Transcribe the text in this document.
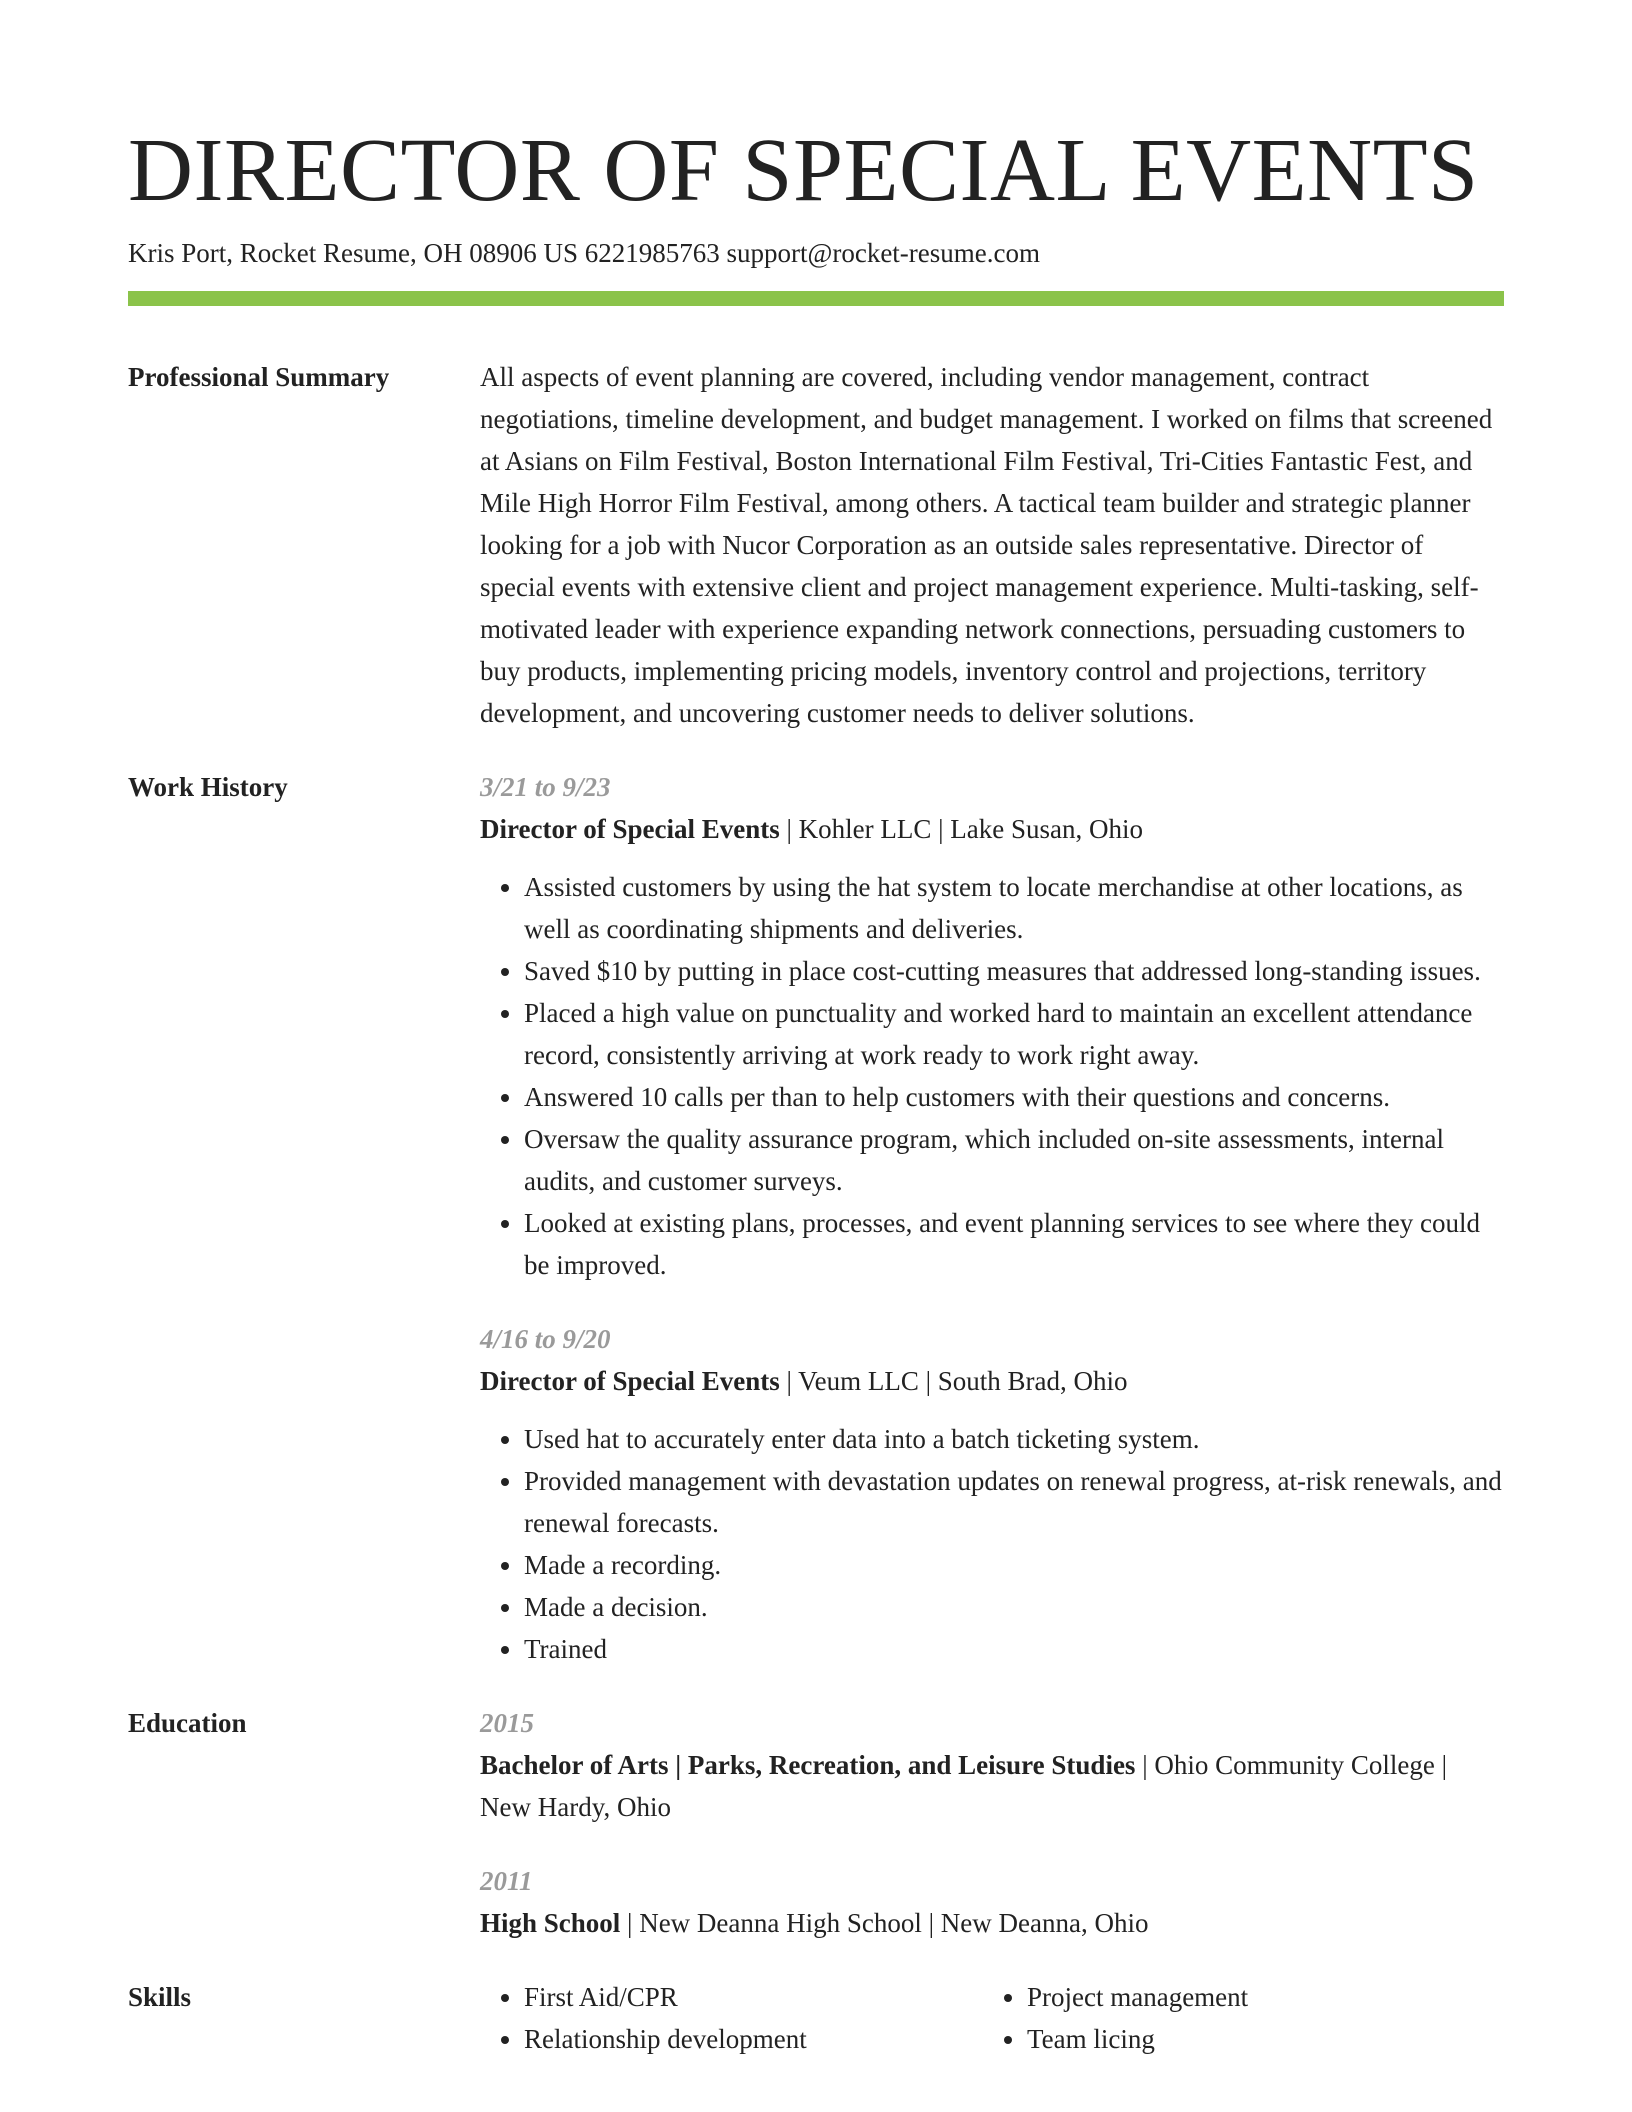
DIRECTOR OF SPECIAL EVENTS
Kris Port, Rocket Resume, OH 08906 US 6221985763 support@rocket-resume.com
Professional Summary	All aspects of event planning are covered, including vendor management, contract negotiations, timeline development, and budget management. I worked on films that screened at Asians on Film Festival, Boston International Film Festival, Tri-Cities Fantastic Fest, and Mile High Horror Film Festival, among others. A tactical team builder and strategic planner looking for a job with Nucor Corporation as an outside sales representative. Director of special events with extensive client and project management experience. Multi-tasking, self-motivated leader with experience expanding network connections, persuading customers to buy products, implementing pricing models, inventory control and projections, territory development, and uncovering customer needs to deliver solutions.
Work History	3/21 to 9/23
Director of Special Events | Kohler LLC | Lake Susan, Ohio
• Assisted customers by using the hat system to locate merchandise at other locations, as well as coordinating shipments and deliveries.
• Saved $10 by putting in place cost-cutting measures that addressed long-standing issues.
• Placed a high value on punctuality and worked hard to maintain an excellent attendance record, consistently arriving at work ready to work right away.
• Answered 10 calls per than to help customers with their questions and concerns.
• Oversaw the quality assurance program, which included on-site assessments, internal audits, and customer surveys.
• Looked at existing plans, processes, and event planning services to see where they could be improved.
4/16 to 9/20
Director of Special Events | Veum LLC | South Brad, Ohio
• Used hat to accurately enter data into a batch ticketing system.
• Provided management with devastation updates on renewal progress, at-risk renewals, and renewal forecasts.
• Made a recording.
• Made a decision.
• Trained
Education	2015
Bachelor of Arts | Parks, Recreation, and Leisure Studies | Ohio Community College | New Hardy, Ohio
2011
High School | New Deanna High School | New Deanna, Ohio
Skills
•	First Aid/CPR
• Relationship development
• Project management
• Team licing
